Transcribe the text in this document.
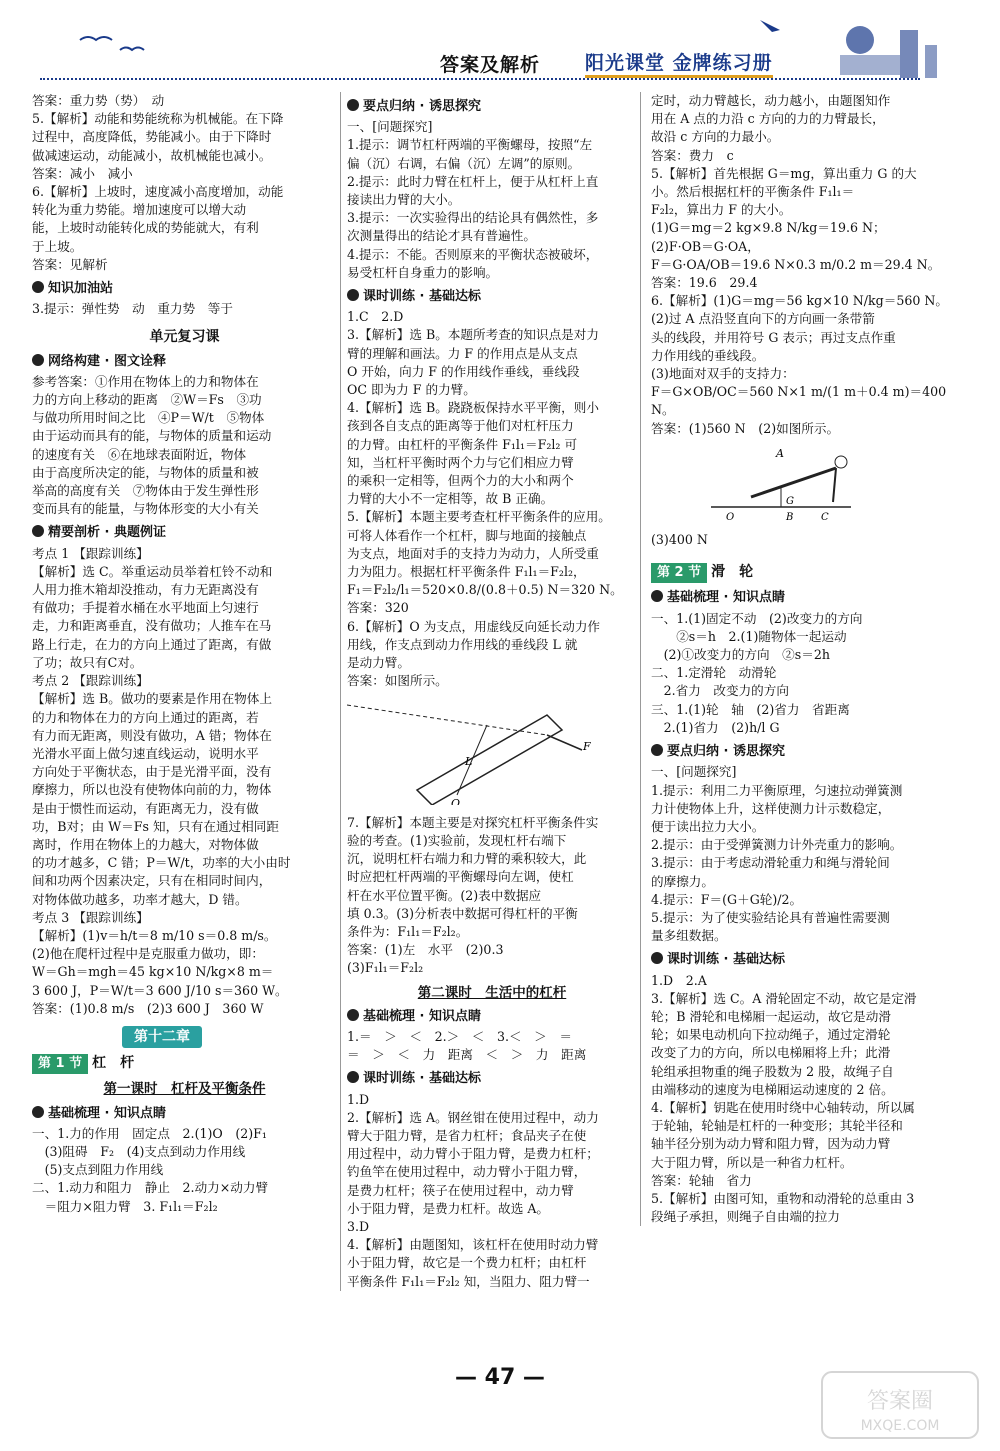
答案及解析 阳光课堂 金牌练习册

答案：重力势（势）　动

5.【解析】动能和势能统称为机械能。在下降

过程中，高度降低，势能减小。由于下降时

做减速运动，动能减小，故机械能也减小。

答案：减小　减小

6.【解析】上坡时，速度减小高度增加，动能

转化为重力势能。增加速度可以增大动

能，上坡时动能转化成的势能就大，有利

于上坡。

答案：见解析

知识加油站

3.提示：弹性势　动　重力势　等于

单元复习课
网络构建 · 图文诠释

参考答案：①作用在物体上的力和物体在

力的方向上移动的距离　②W＝Fs　③功

与做功所用时间之比　④P＝W/t　⑤物体

由于运动而具有的能，与物体的质量和运动

的速度有关　⑥在地球表面附近，物体

由于高度所决定的能，与物体的质量和被

举高的高度有关　⑦物体由于发生弹性形

变而具有的能量，与物体形变的大小有关

精要剖析 · 典题例证

考点 1 【跟踪训练】

【解析】选 C。举重运动员举着杠铃不动和

人用力推木箱却没推动，有力无距离没有

有做功；手提着水桶在水平地面上匀速行

走，力和距离垂直，没有做功；人推车在马

路上行走，在力的方向上通过了距离，有做

了功；故只有C对。

考点 2 【跟踪训练】

【解析】选 B。做功的要素是作用在物体上

的力和物体在力的方向上通过的距离，若

有力而无距离，则没有做功，A 错；物体在

光滑水平面上做匀速直线运动，说明水平

方向处于平衡状态，由于是光滑平面，没有

摩擦力，所以也没有使物体向前的力，物体

是由于惯性而运动，有距离无力，没有做

功，B对；由 W＝Fs 知，只有在通过相同距

离时，作用在物体上的力越大，对物体做

的功才越多，C 错；P＝W/t，功率的大小由时

间和功两个因素决定，只有在相同时间内，

对物体做功越多，功率才越大，D 错。

考点 3 【跟踪训练】

【解析】(1)v＝h/t＝8 m/10 s＝0.8 m/s。

(2)他在爬杆过程中是克服重力做功，即：

W＝Gh＝mgh＝45 kg×10 N/kg×8 m＝

3 600 J，P＝W/t＝3 600 J/10 s＝360 W。

答案：(1)0.8 m/s　(2)3 600 J　360 W

第十二章
第 1 节 杠　杆
第一课时　杠杆及平衡条件
基础梳理 · 知识点睛

一、1.力的作用　固定点　2.(1)O　(2)F₁

　(3)阻碍　F₂　(4)支点到动力作用线

　(5)支点到阻力作用线

二、1.动力和阻力　静止　2.动力×动力臂

　＝阻力×阻力臂　3. F₁l₁＝F₂l₂

要点归纳 · 诱思探究

一、[问题探究]

1.提示：调节杠杆两端的平衡螺母，按照“左

偏（沉）右调，右偏（沉）左调”的原则。

2.提示：此时力臂在杠杆上，便于从杠杆上直

接读出力臂的大小。

3.提示：一次实验得出的结论具有偶然性，多

次测量得出的结论才具有普遍性。

4.提示：不能。否则原来的平衡状态被破坏，

易受杠杆自身重力的影响。

课时训练 · 基础达标

1.C　2.D

3.【解析】选 B。本题所考查的知识点是对力

臂的理解和画法。力 F 的作用点是从支点

O 开始，向力 F 的作用线作垂线，垂线段

OC 即为力 F 的力臂。

4.【解析】选 B。跷跷板保持水平平衡，则小

孩到各自支点的距离等于他们对杠杆压力

的力臂。由杠杆的平衡条件 F₁l₁＝F₂l₂ 可

知，当杠杆平衡时两个力与它们相应力臂

的乘积一定相等，但两个力的大小和两个

力臂的大小不一定相等，故 B 正确。

5.【解析】本题主要考查杠杆平衡条件的应用。

可将人体看作一个杠杆，脚与地面的接触点

为支点，地面对手的支持力为动力，人所受重

力为阻力。根据杠杆平衡条件 F₁l₁＝F₂l₂，

F₁＝F₂l₂/l₁＝520×0.8/(0.8＋0.5) N＝320 N。

答案：320

6.【解析】O 为支点，用虚线反向延长动力作

用线，作支点到动力作用线的垂线段 L 就

是动力臂。

答案：如图所示。

F
L
O

7.【解析】本题主要是对探究杠杆平衡条件实

验的考查。(1)实验前，发现杠杆右端下

沉，说明杠杆右端力和力臂的乘积较大，此

时应把杠杆两端的平衡螺母向左调，使杠

杆在水平位置平衡。(2)表中数据应

填 0.3。(3)分析表中数据可得杠杆的平衡

条件为：F₁l₁＝F₂l₂。

答案：(1)左　水平　(2)0.3

(3)F₁l₁＝F₂l₂

第二课时　生活中的杠杆
基础梳理 · 知识点睛

1.＝　＞　＜　2.＞　＜　3.＜　＞　＝

＝　＞　＜　力　距离　＜　＞　力　距离

课时训练 · 基础达标

1.D

2.【解析】选 A。钢丝钳在使用过程中，动力

臂大于阻力臂，是省力杠杆；食品夹子在使

用过程中，动力臂小于阻力臂，是费力杠杆；

钓鱼竿在使用过程中，动力臂小于阻力臂，

是费力杠杆；筷子在使用过程中，动力臂

小于阻力臂，是费力杠杆。故选 A。

3.D

4.【解析】由题图知，该杠杆在使用时动力臂

小于阻力臂，故它是一个费力杠杆；由杠杆

平衡条件 F₁l₁＝F₂l₂ 知，当阻力、阻力臂一

定时，动力臂越长，动力越小，由题图知作

用在 A 点的力沿 c 方向的力的力臂最长，

故沿 c 方向的力最小。

答案：费力　c

5.【解析】首先根据 G＝mg，算出重力 G 的大

小。然后根据杠杆的平衡条件 F₁l₁＝

F₂l₂，算出力 F 的大小。

(1)G＝mg＝2 kg×9.8 N/kg＝19.6 N；

(2)F·OB＝G·OA，

F＝G·OA/OB＝19.6 N×0.3 m/0.2 m＝29.4 N。

答案：19.6　29.4

6.【解析】(1)G＝mg＝56 kg×10 N/kg＝560 N。

(2)过 A 点沿竖直向下的方向画一条带箭

头的线段，并用符号 G 表示；再过支点作重

力作用线的垂线段。

(3)地面对双手的支持力：

F＝G×OB/OC＝560 N×1 m/(1 m＋0.4 m)＝400 N。

答案：(1)560 N　(2)如图所示。

A
G
O	B	C

(3)400 N

第 2 节 滑　轮
基础梳理 · 知识点睛

一、1.(1)固定不动　(2)改变力的方向

　　②s＝h　2.(1)随物体一起运动

　(2)①改变力的方向　②s＝2h

二、1.定滑轮　动滑轮

　2.省力　改变力的方向

三、1.(1)轮　轴　(2)省力　省距离

　2.(1)省力　(2)h/l G

要点归纳 · 诱思探究

一、[问题探究]

1.提示：利用二力平衡原理，匀速拉动弹簧测

力计使物体上升，这样使测力计示数稳定，

便于读出拉力大小。

2.提示：由于受弹簧测力计外壳重力的影响。

3.提示：由于考虑动滑轮重力和绳与滑轮间

的摩擦力。

4.提示：F＝(G＋G轮)/2。

5.提示：为了使实验结论具有普遍性需要测

量多组数据。

课时训练 · 基础达标

1.D　2.A

3.【解析】选 C。A 滑轮固定不动，故它是定滑

轮；B 滑轮和电梯厢一起运动，故它是动滑

轮；如果电动机向下拉动绳子，通过定滑轮

改变了力的方向，所以电梯厢将上升；此滑

轮组承担物重的绳子股数为 2 股，故绳子自

由端移动的速度为电梯厢运动速度的 2 倍。

4.【解析】钥匙在使用时绕中心轴转动，所以属

于轮轴，轮轴是杠杆的一种变形；其轮半径和

轴半径分别为动力臂和阻力臂，因为动力臂

大于阻力臂，所以是一种省力杠杆。

答案：轮轴　省力

5.【解析】由图可知，重物和动滑轮的总重由 3

段绳子承担，则绳子自由端的拉力

— 47 —
答案圈
MXQE.COM
